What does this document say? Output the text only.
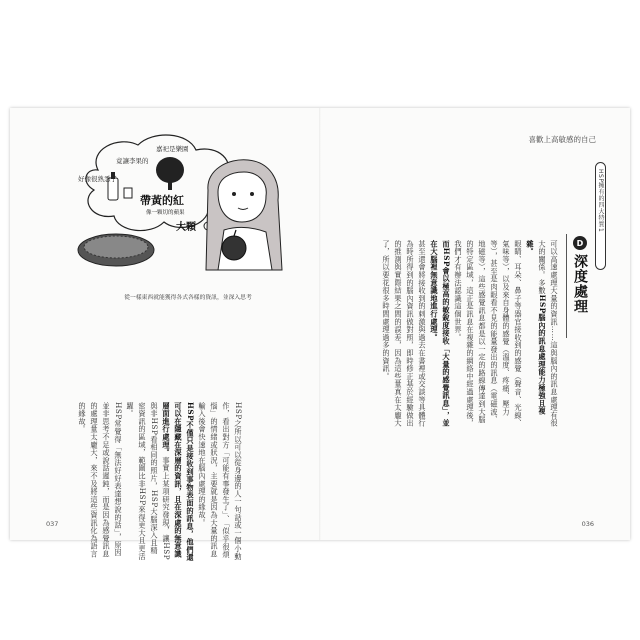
喜歡上高敏感的自己
HSP擁有的四大特質1
D
深度處理
可以高速處理大量的資訊……這與腦內的訊息處理有很大的關係。多數HSP腦內的訊息處理能力極強且複雜。
眼睛、耳朵、鼻子等器官接收到的感覺（聲音、光線、氣味等），以及來自身體的感覺（溫度、疼痛、壓力等），甚至是肉眼看不見的能量發出的訊息（電磁波、地磁等），這些感覺訊息都是以一定的路線傳達到大腦的特定區域，這正是訊息在複雜的網絡中經過處理後，我們才有辦法認識這個世界。
而HSP會以極高的敏銳度接收「大量的感覺訊息」，並在大腦裡無意識地進行處理。
甚至還會將接收到的刺激與過去在書裡或交談等具體行為時所得到的腦內資訊做對照，即時修正基於經驗做出的推測與實際結果之間的誤差，因為這些量真在太龐大了，所以要花很多時間處理過多的資訊。
036
竟讓李果的
嘉祀是樂園
好像很熟悉了
帶黃的紅
像一顆切的蘋果
大顆
從一樣東西就能獲得各式各樣的資訊，並深入思考
HSP之所以可以從身邊的人一句話或一個小動作，看出對方「可能有事發生了」、「似乎很煩惱」的情緒或狀況，主要就是因為大量的訊息輸入後會快速地在腦內處理的緣故。
HSP不僅只是接收到事物表面的訊息，他們還可以在隱藏在深層的資訊，且在深處的無意識層面進行處理。事實上某項研究發現，讓HSP與非HSP看相同的照片，HSP大腦深入且精密資訊的區域，範圍比非HSP來得更大且更活躍。
HSP常覺得「無法好好表達想說的話」，原因並非思考不足或說話遲鈍，而是因為感覺訊息的處理量太龐大，來不及將這些資訊化為語言的緣故。
037
